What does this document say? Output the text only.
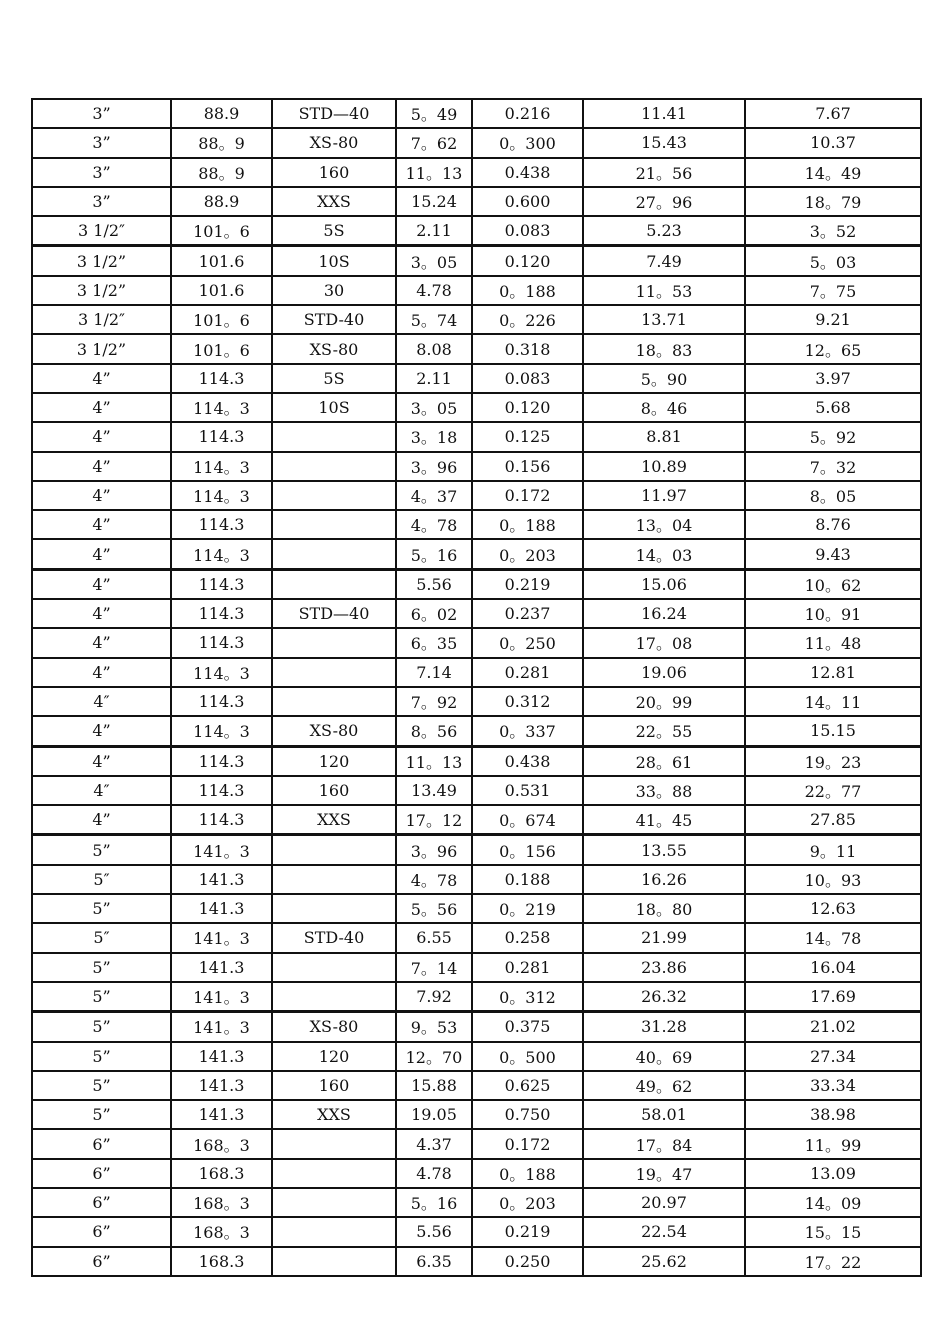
3”	88.9	STD—40	5。49	0.216	11.41	7.67
3”	88。9	XS-80	7。62	0。300	15.43	10.37
3”	88。9	160	11。13	0.438	21。56	14。49
3”	88.9	XXS	15.24	0.600	27。96	18。79
3 1/2″	101。6	5S	2.11	0.083	5.23	3。52
3 1/2”	101.6	10S	3。05	0.120	7.49	5。03
3 1/2”	101.6	30	4.78	0。188	11。53	7。75
3 1/2″	101。6	STD-40	5。74	0。226	13.71	9.21
3 1/2”	101。6	XS-80	8.08	0.318	18。83	12。65
4”	114.3	5S	2.11	0.083	5。90	3.97
4”	114。3	10S	3。05	0.120	8。46	5.68
4”	114.3		3。18	0.125	8.81	5。92
4”	114。3		3。96	0.156	10.89	7。32
4”	114。3		4。37	0.172	11.97	8。05
4”	114.3		4。78	0。188	13。04	8.76
4”	114。3		5。16	0。203	14。03	9.43
4”	114.3		5.56	0.219	15.06	10。62
4”	114.3	STD—40	6。02	0.237	16.24	10。91
4”	114.3		6。35	0。250	17。08	11。48
4”	114。3		7.14	0.281	19.06	12.81
4″	114.3		7。92	0.312	20。99	14。11
4”	114。3	XS-80	8。56	0。337	22。55	15.15
4”	114.3	120	11。13	0.438	28。61	19。23
4″	114.3	160	13.49	0.531	33。88	22。77
4”	114.3	XXS	17。12	0。674	41。45	27.85
5”	141。3		3。96	0。156	13.55	9。11
5″	141.3		4。78	0.188	16.26	10。93
5”	141.3		5。56	0。219	18。80	12.63
5″	141。3	STD-40	6.55	0.258	21.99	14。78
5”	141.3		7。14	0.281	23.86	16.04
5”	141。3		7.92	0。312	26.32	17.69
5”	141。3	XS-80	9。53	0.375	31.28	21.02
5”	141.3	120	12。70	0。500	40。69	27.34
5”	141.3	160	15.88	0.625	49。62	33.34
5”	141.3	XXS	19.05	0.750	58.01	38.98
6”	168。3		4.37	0.172	17。84	11。99
6”	168.3		4.78	0。188	19。47	13.09
6”	168。3		5。16	0。203	20.97	14。09
6”	168。3		5.56	0.219	22.54	15。15
6”	168.3		6.35	0.250	25.62	17。22
